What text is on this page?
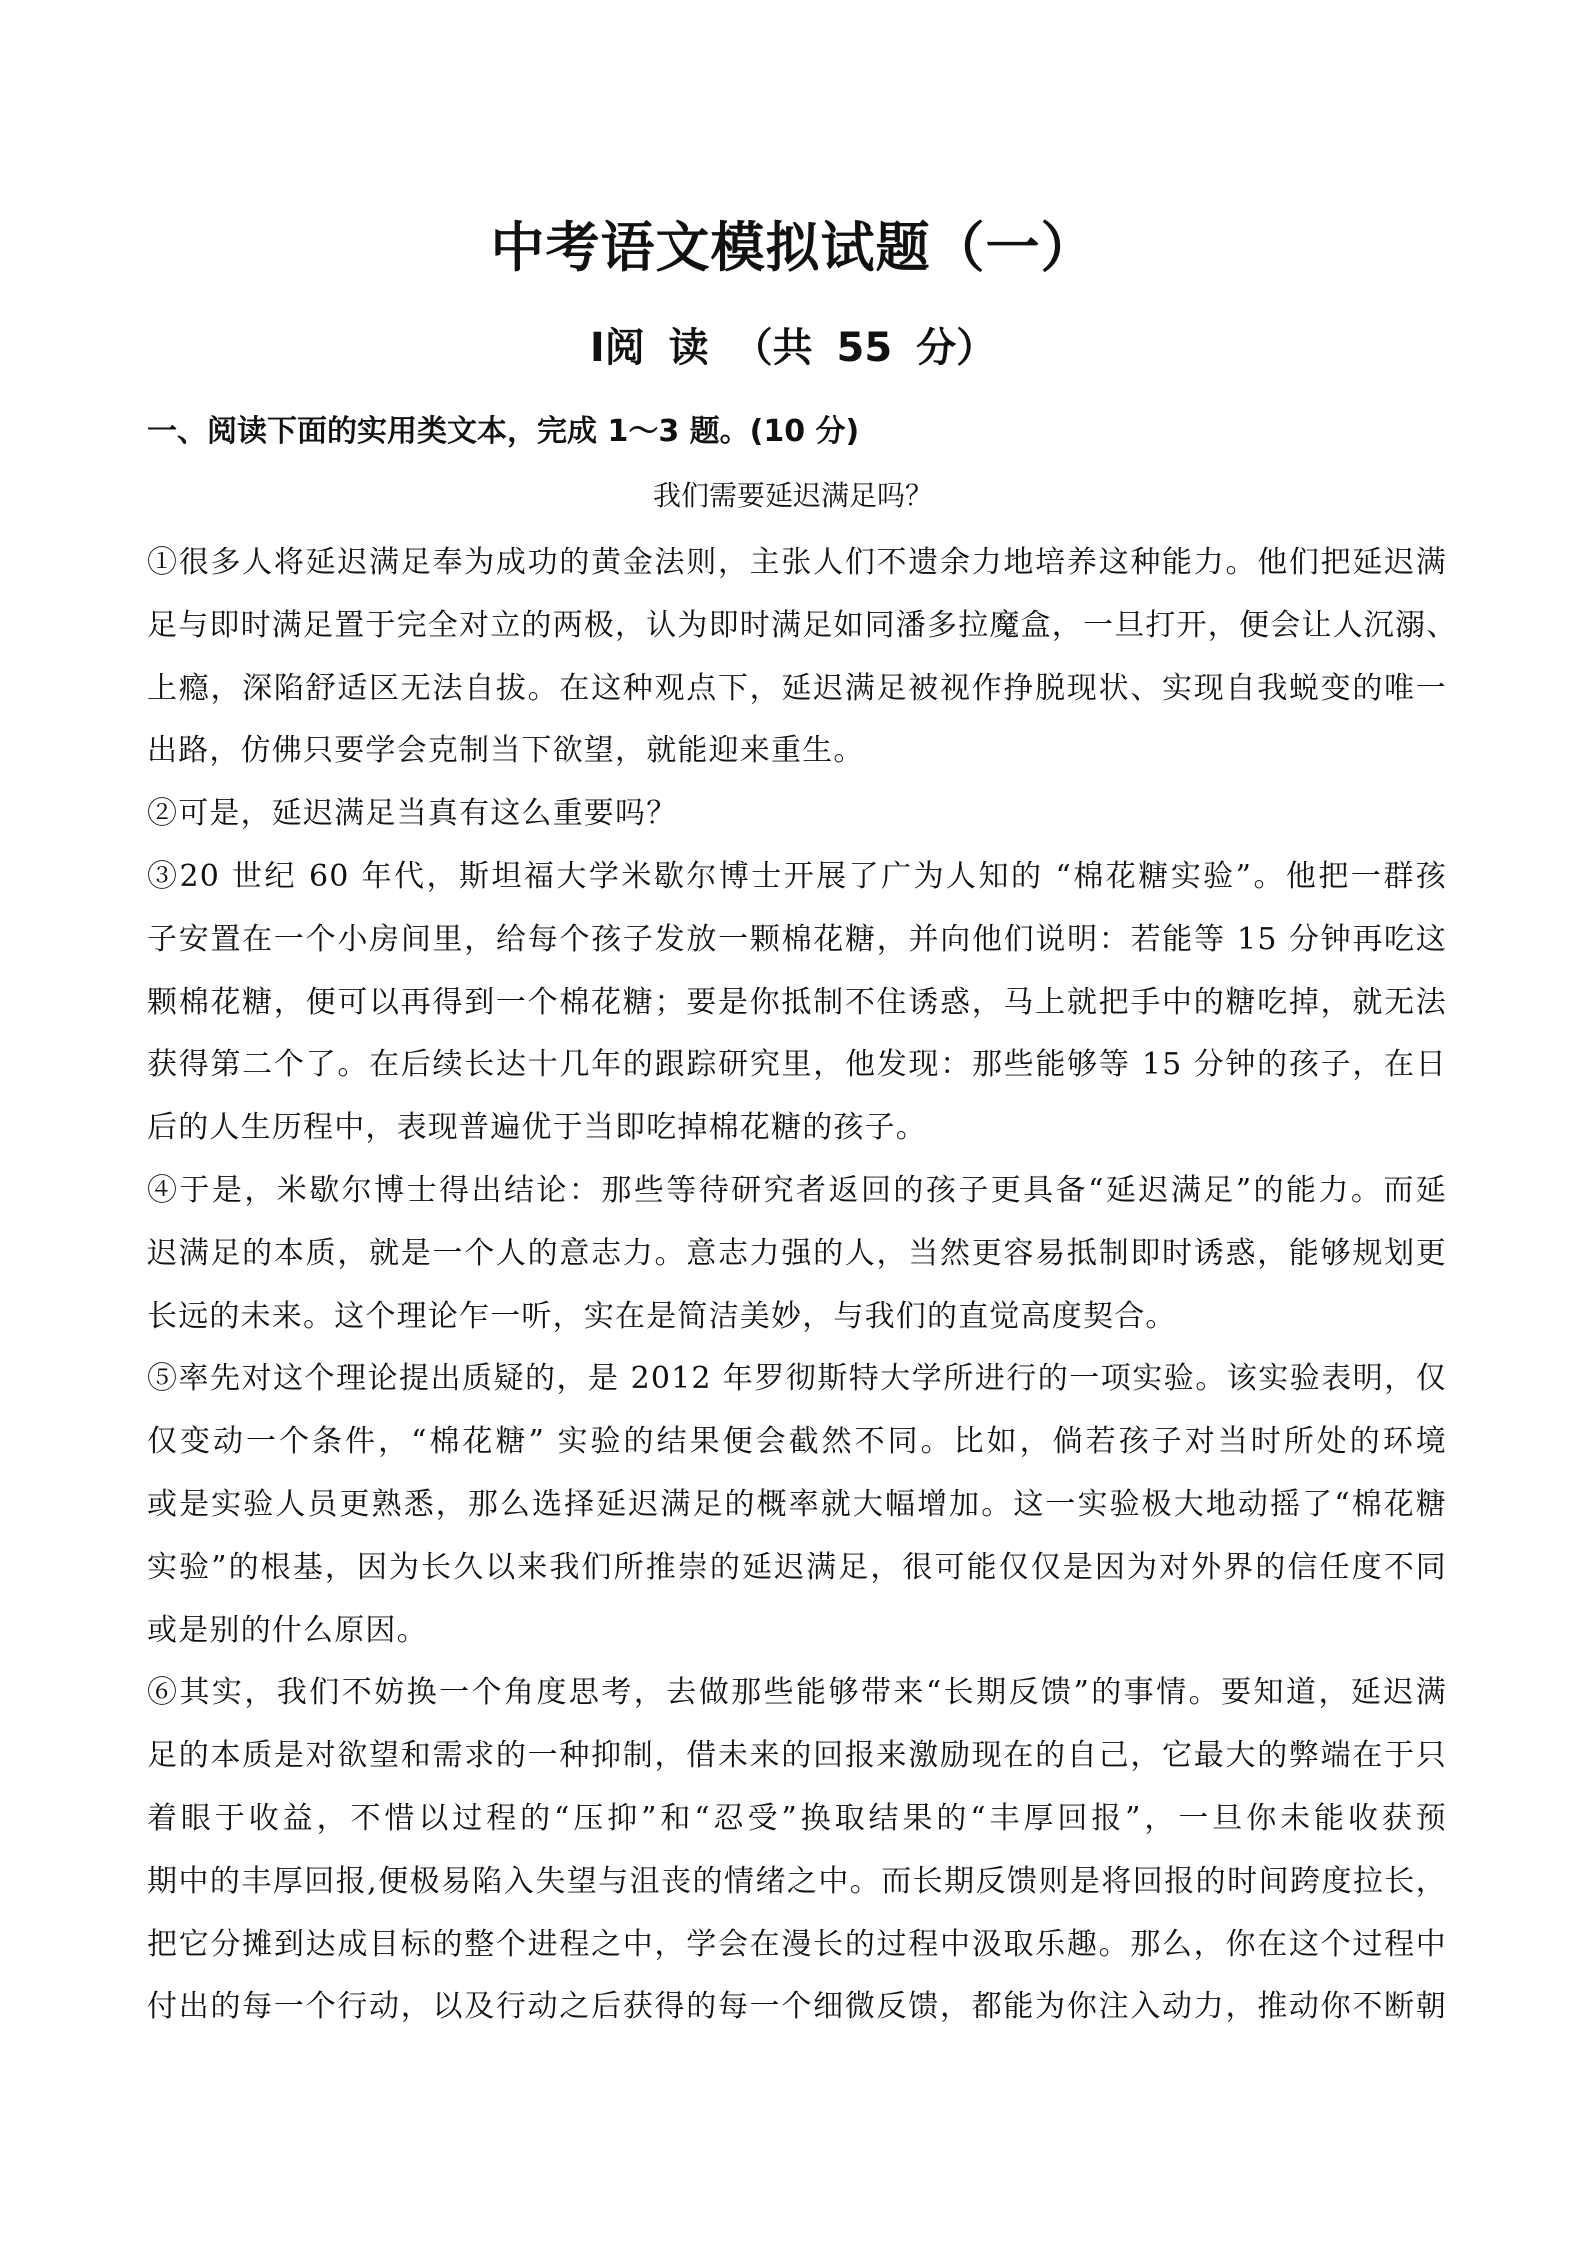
中考语文模拟试题（一）
Ⅰ阅 读 （共 55 分）
一、阅读下面的实用类文本，完成 1～3 题。(10 分)
我们需要延迟满足吗？
①很多人将延迟满足奉为成功的黄金法则，主张人们不遗余力地培养这种能力。他们把延迟满
足与即时满足置于完全对立的两极，认为即时满足如同潘多拉魔盒，一旦打开，便会让人沉溺、
上瘾，深陷舒适区无法自拔。在这种观点下，延迟满足被视作挣脱现状、实现自我蜕变的唯一
出路，仿佛只要学会克制当下欲望，就能迎来重生。
②可是，延迟满足当真有这么重要吗？
③20 世纪 60 年代，斯坦福大学米歇尔博士开展了广为人知的 “棉花糖实验”。他把一群孩
子安置在一个小房间里，给每个孩子发放一颗棉花糖，并向他们说明：若能等 15 分钟再吃这
颗棉花糖，便可以再得到一个棉花糖；要是你抵制不住诱惑，马上就把手中的糖吃掉，就无法
获得第二个了。在后续长达十几年的跟踪研究里，他发现：那些能够等 15 分钟的孩子，在日
后的人生历程中，表现普遍优于当即吃掉棉花糖的孩子。
④于是，米歇尔博士得出结论：那些等待研究者返回的孩子更具备“延迟满足”的能力。而延
迟满足的本质，就是一个人的意志力。意志力强的人，当然更容易抵制即时诱惑，能够规划更
长远的未来。这个理论乍一听，实在是简洁美妙，与我们的直觉高度契合。
⑤率先对这个理论提出质疑的，是 2012 年罗彻斯特大学所进行的一项实验。该实验表明，仅
仅变动一个条件，“棉花糖” 实验的结果便会截然不同。比如，倘若孩子对当时所处的环境
或是实验人员更熟悉，那么选择延迟满足的概率就大幅增加。这一实验极大地动摇了“棉花糖
实验”的根基，因为长久以来我们所推崇的延迟满足，很可能仅仅是因为对外界的信任度不同
或是别的什么原因。
⑥其实，我们不妨换一个角度思考，去做那些能够带来“长期反馈”的事情。要知道，延迟满
足的本质是对欲望和需求的一种抑制，借未来的回报来激励现在的自己，它最大的弊端在于只
着眼于收益，不惜以过程的“压抑”和“忍受”换取结果的“丰厚回报”，一旦你未能收获预
期中的丰厚回报,便极易陷入失望与沮丧的情绪之中。而长期反馈则是将回报的时间跨度拉长，
把它分摊到达成目标的整个进程之中，学会在漫长的过程中汲取乐趣。那么，你在这个过程中
付出的每一个行动，以及行动之后获得的每一个细微反馈，都能为你注入动力，推动你不断朝
